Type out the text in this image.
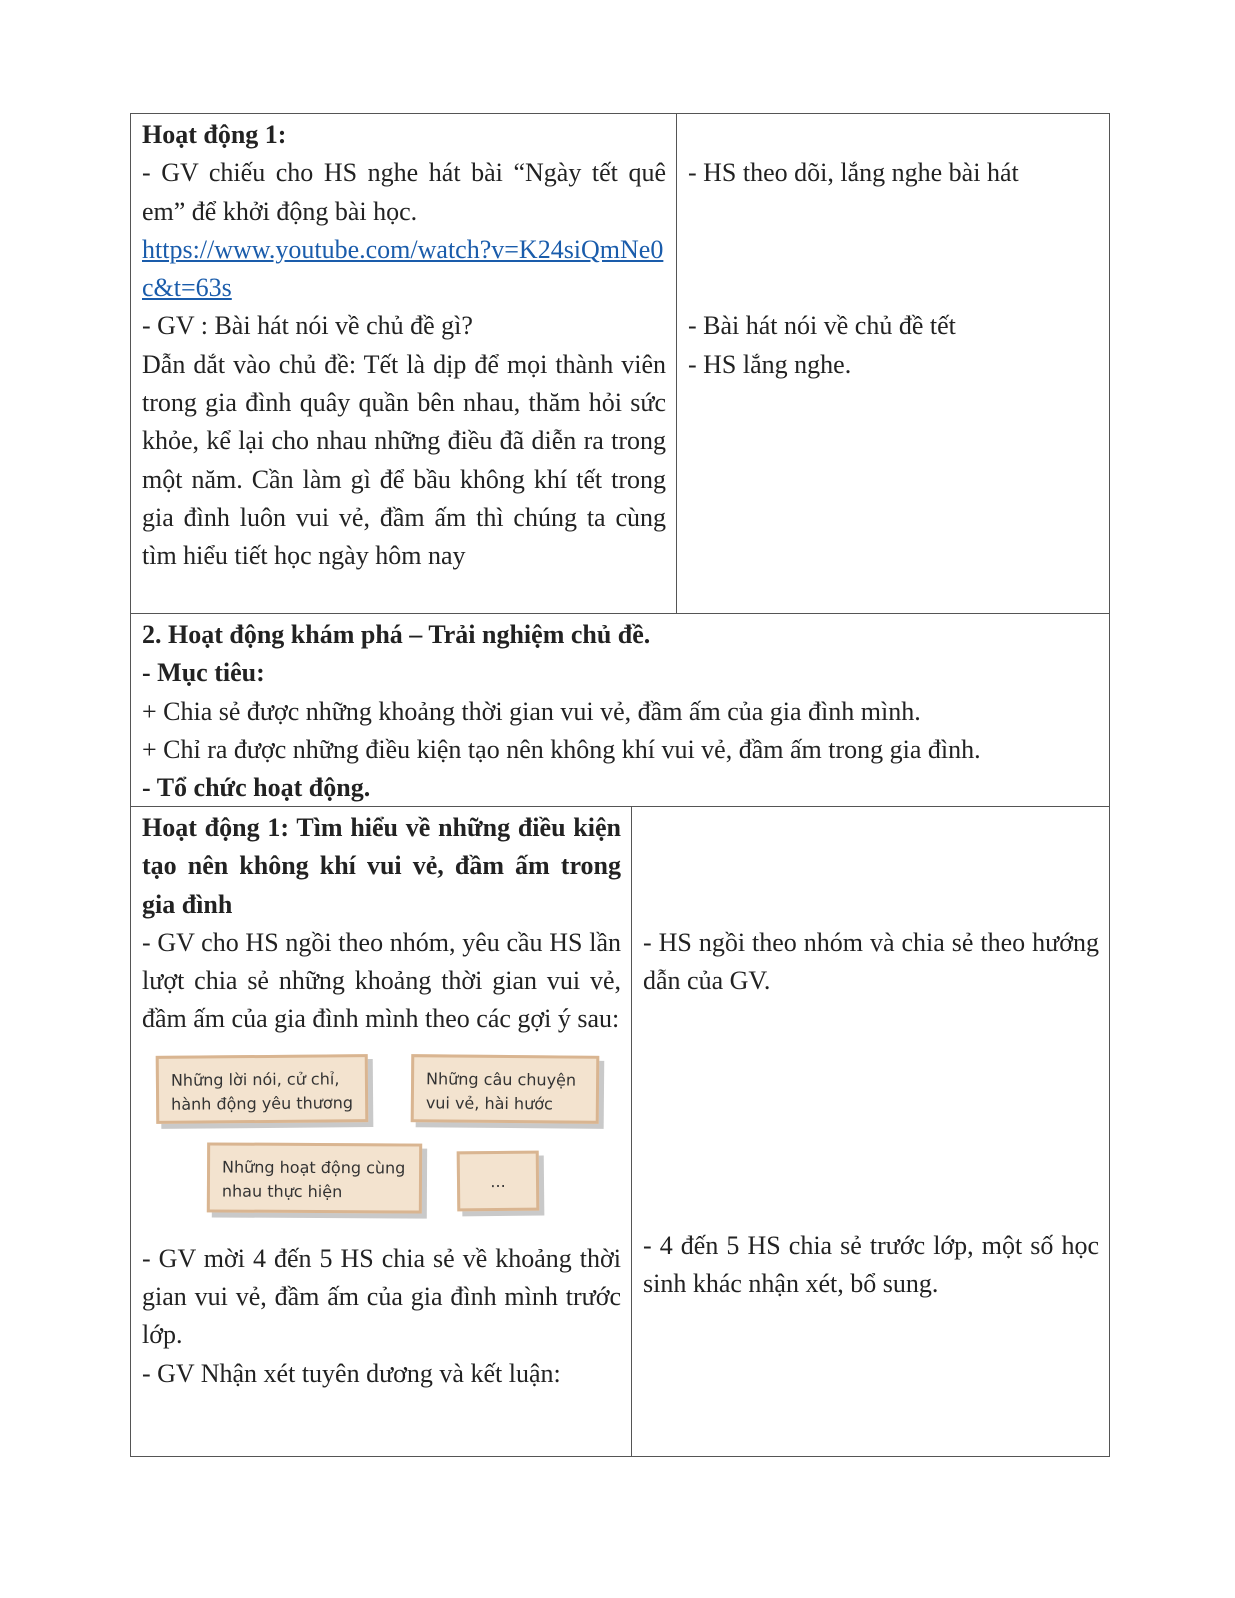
Hoạt động 1:

- GV chiếu cho HS nghe hát bài “Ngày tết quê em” để khởi động bài học.

https://www.youtube.com/watch?v=K24siQmNe0c&t=63s

- GV : Bài hát nói về chủ đề gì?

Dẫn dắt vào chủ đề: Tết là dịp để mọi thành viên trong gia đình quây quần bên nhau, thăm hỏi sức khỏe, kể lại cho nhau những điều đã diễn ra trong một năm. Cần làm gì để bầu không khí tết trong gia đình luôn vui vẻ, đầm ấm thì chúng ta cùng tìm hiểu tiết học ngày hôm nay

- HS theo dõi, lắng nghe bài hát

- Bài hát nói về chủ đề tết

- HS lắng nghe.

2. Hoạt động khám phá – Trải nghiệm chủ đề.

- Mục tiêu:

+ Chia sẻ được những khoảng thời gian vui vẻ, đầm ấm của gia đình mình.

+ Chỉ ra được những điều kiện tạo nên không khí vui vẻ, đầm ấm trong gia đình.

- Tổ chức hoạt động.

Hoạt động 1: Tìm hiểu về những điều kiện tạo nên không khí vui vẻ, đầm ấm trong gia đình

- GV cho HS ngồi theo nhóm, yêu cầu HS lần lượt chia sẻ những khoảng thời gian vui vẻ, đầm ấm của gia đình mình theo các gợi ý sau:

Những lời nói, cử chỉ, hành động yêu thương
Những câu chuyện vui vẻ, hài hước
Những hoạt động cùng nhau thực hiện
...

- GV mời 4 đến 5 HS chia sẻ về khoảng thời gian vui vẻ, đầm ấm của gia đình mình trước lớp.

- GV Nhận xét tuyên dương và kết luận:

- HS ngồi theo nhóm và chia sẻ theo hướng dẫn của GV.

- 4 đến 5 HS chia sẻ trước lớp, một số học sinh khác nhận xét, bổ sung.
